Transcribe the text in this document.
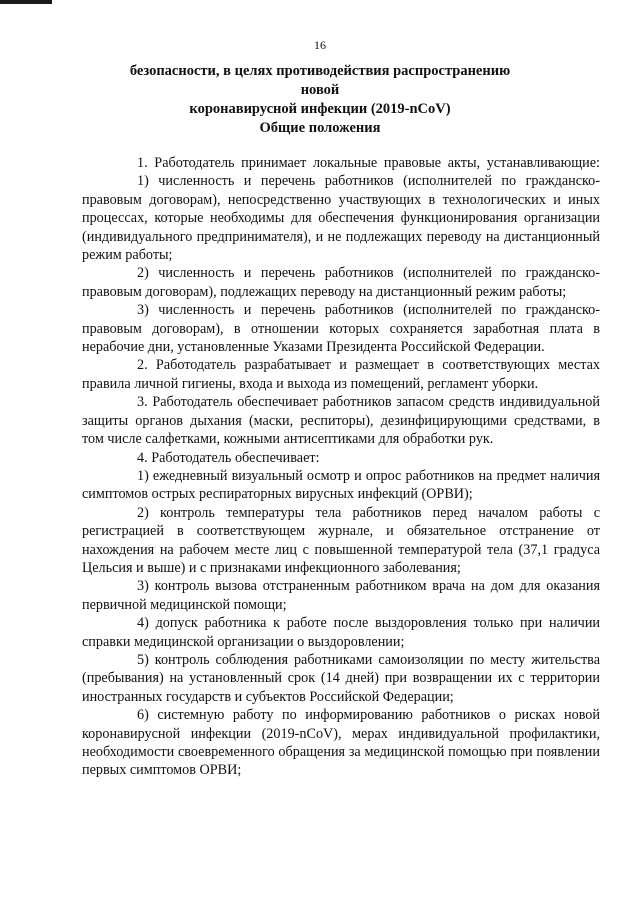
16
безопасности, в целях противодействия распространению новой
коронавирусной инфекции (2019-nCoV)
Общие положения

1. Работодатель принимает локальные правовые акты, устанавливающие:

1) численность и перечень работников (исполнителей по гражданско-правовым договорам), непосредственно участвующих в технологических и иных процессах, которые необходимы для обеспечения функционирования организации (индивидуального предпринимателя), и не подлежащих переводу на дистанционный режим работы;

2) численность и перечень работников (исполнителей по гражданско-правовым договорам), подлежащих переводу на дистанционный режим работы;

3) численность и перечень работников (исполнителей по гражданско-правовым договорам), в отношении которых сохраняется заработная плата в нерабочие дни, установленные Указами Президента Российской Федерации.

2. Работодатель разрабатывает и размещает в соответствующих местах правила личной гигиены, входа и выхода из помещений, регламент уборки.

3. Работодатель обеспечивает работников запасом средств индивидуальной защиты органов дыхания (маски, респиторы), дезинфицирующими средствами, в том числе салфетками, кожными антисептиками для обработки рук.

4. Работодатель обеспечивает:

1) ежедневный визуальный осмотр и опрос работников на предмет наличия симптомов острых респираторных вирусных инфекций (ОРВИ);

2) контроль температуры тела работников перед началом работы с регистрацией в соответствующем журнале, и обязательное отстранение от нахождения на рабочем месте лиц с повышенной температурой тела (37,1 градуса Цельсия и выше) и с признаками инфекционного заболевания;

3) контроль вызова отстраненным работником врача на дом для оказания первичной медицинской помощи;

4) допуск работника к работе после выздоровления только при наличии справки медицинской организации о выздоровлении;

5) контроль соблюдения работниками самоизоляции по месту жительства (пребывания) на установленный срок (14 дней) при возвращении их с территории иностранных государств и субъектов Российской Федерации;

6) системную работу по информированию работников о рисках новой коронавирусной инфекции (2019-nCoV), мерах индивидуальной профилактики, необходимости своевременного обращения за медицинской помощью при появлении первых симптомов ОРВИ;
